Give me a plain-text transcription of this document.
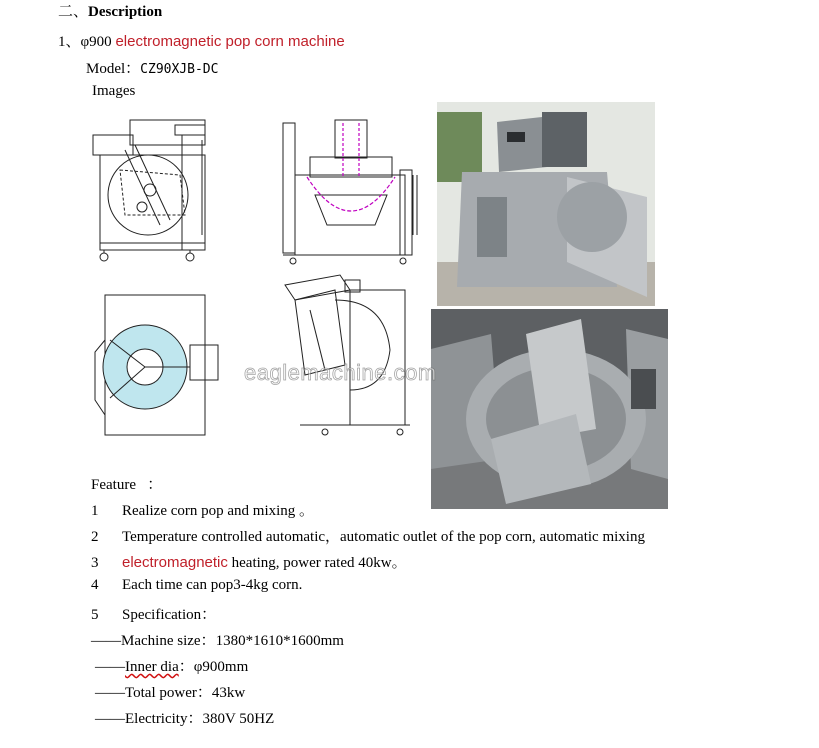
二、Description
1、φ900 electromagnetic pop corn machine
Model：CZ90XJB-DC
Images
eaglemachine.com
Feature ：
1 Realize corn pop and mixing 。
2 Temperature controlled automatic，automatic outlet of the pop corn, automatic mixing
3 electromagnetic heating, power rated 40kw。
4 Each time can pop3-4kg corn.
5 Specification：
——Machine size：1380*1610*1600mm
——Inner dia：φ900mm
——Total power：43kw
——Electricity：380V 50HZ
